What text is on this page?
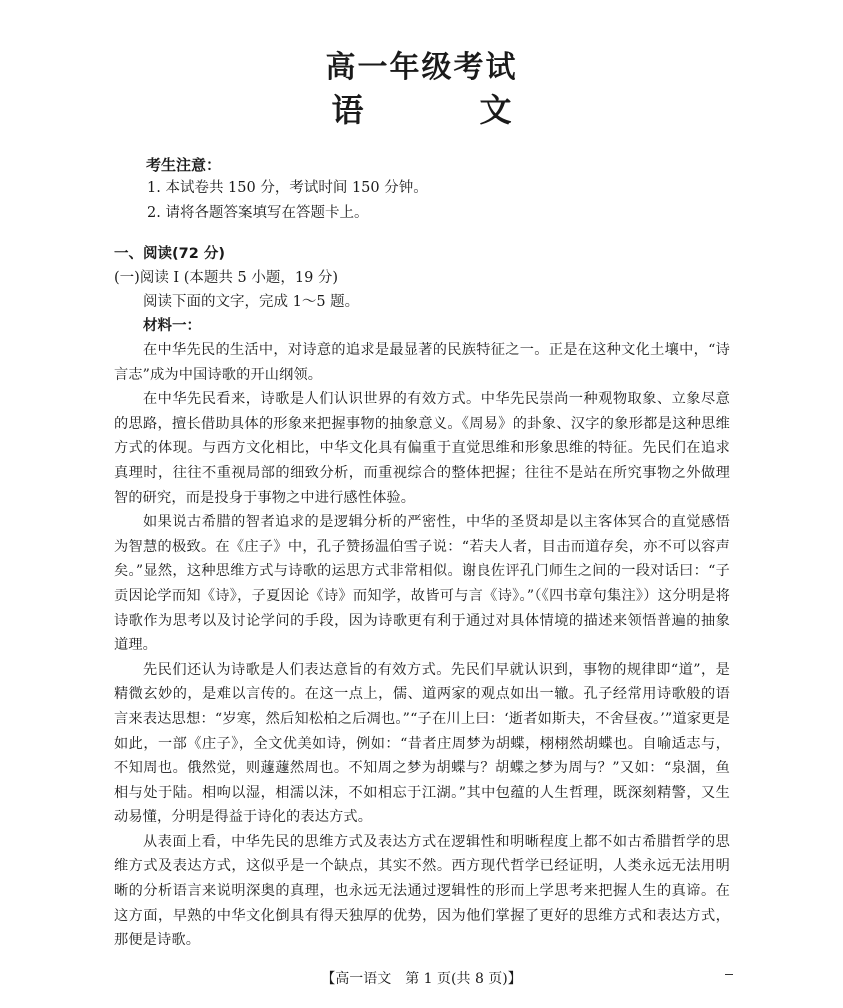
高一年级考试
语	文
考生注意：
1. 本试卷共 150 分，考试时间 150 分钟。
2. 请将各题答案填写在答题卡上。
一、阅读(72 分)
(一)阅读 I (本题共 5 小题，19 分)
阅读下面的文字，完成 1～5 题。
材料一：

在中华先民的生活中，对诗意的追求是最显著的民族特征之一。正是在这种文化土壤中，“诗言志”成为中国诗歌的开山纲领。

在中华先民看来，诗歌是人们认识世界的有效方式。中华先民崇尚一种观物取象、立象尽意的思路，擅长借助具体的形象来把握事物的抽象意义。《周易》的卦象、汉字的象形都是这种思维方式的体现。与西方文化相比，中华文化具有偏重于直觉思维和形象思维的特征。先民们在追求真理时，往往不重视局部的细致分析，而重视综合的整体把握；往往不是站在所究事物之外做理智的研究，而是投身于事物之中进行感性体验。

如果说古希腊的智者追求的是逻辑分析的严密性，中华的圣贤却是以主客体冥合的直觉感悟为智慧的极致。在《庄子》中，孔子赞扬温伯雪子说：“若夫人者，目击而道存矣，亦不可以容声矣。”显然，这种思维方式与诗歌的运思方式非常相似。谢良佐评孔门师生之间的一段对话曰：“子贡因论学而知《诗》，子夏因论《诗》而知学，故皆可与言《诗》。”（《四书章句集注》）这分明是将诗歌作为思考以及讨论学问的手段，因为诗歌更有利于通过对具体情境的描述来领悟普遍的抽象道理。

先民们还认为诗歌是人们表达意旨的有效方式。先民们早就认识到，事物的规律即“道”，是精微玄妙的，是难以言传的。在这一点上，儒、道两家的观点如出一辙。孔子经常用诗歌般的语言来表达思想：“岁寒，然后知松柏之后凋也。”“子在川上曰：‘逝者如斯夫，不舍昼夜。’”道家更是如此，一部《庄子》，全文优美如诗，例如：“昔者庄周梦为胡蝶，栩栩然胡蝶也。自喻适志与，不知周也。俄然觉，则蘧蘧然周也。不知周之梦为胡蝶与？胡蝶之梦为周与？”又如：“泉涸，鱼相与处于陆。相呴以湿，相濡以沫，不如相忘于江湖。”其中包蕴的人生哲理，既深刻精警，又生动易懂，分明是得益于诗化的表达方式。

从表面上看，中华先民的思维方式及表达方式在逻辑性和明晰程度上都不如古希腊哲学的思维方式及表达方式，这似乎是一个缺点，其实不然。西方现代哲学已经证明，人类永远无法用明晰的分析语言来说明深奥的真理，也永远无法通过逻辑性的形而上学思考来把握人生的真谛。在这方面，早熟的中华文化倒具有得天独厚的优势，因为他们掌握了更好的思维方式和表达方式，那便是诗歌。

【高一语文　第 1 页(共 8 页)】
